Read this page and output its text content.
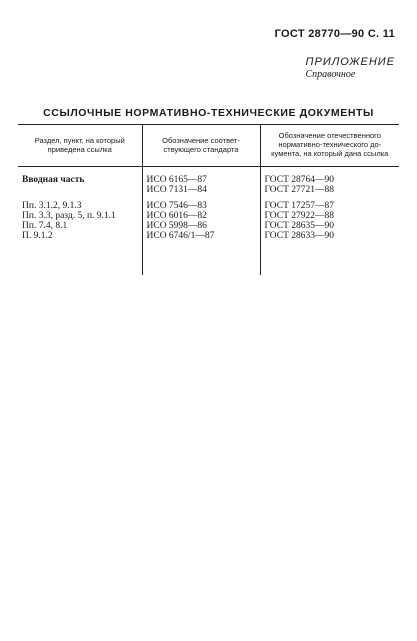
ГОСТ 28770—90 С. 11
ПРИЛОЖЕНИЕ
Справочное
ССЫЛОЧНЫЕ НОРМАТИВНО-ТЕХНИЧЕСКИЕ ДОКУМЕНТЫ
Раздел, пункт, на который приведена ссылка	Обозначение соответ-ствующего стандарта	Обозначение отечественного нормативно-технического до-кумента, на который дана ссылка

Вводная часть	ИСО 6165—87	ГОСТ 28764—90
	ИСО 7131—84	ГОСТ 27721—88

Пп. 3.1.2, 9.1.3	ИСО 7546—83	ГОСТ 17257—87
Пп. 3.3, разд. 5, п. 9.1.1	ИСО 6016—82	ГОСТ 27922—88
Пп. 7.4, 8.1	ИСО 5998—86	ГОСТ 28635—90
П. 9.1.2	ИСО 6746/1—87	ГОСТ 28633—90
